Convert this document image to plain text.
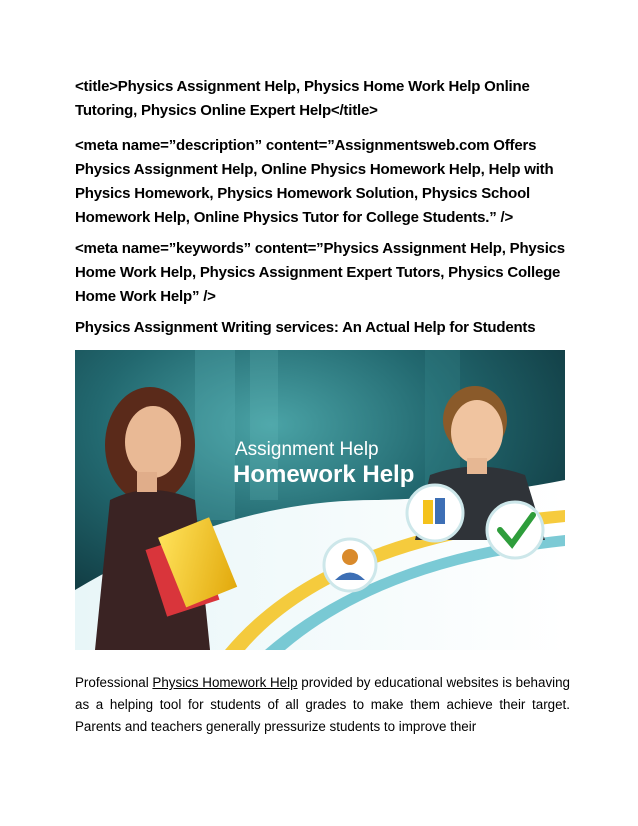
<title>Physics Assignment Help, Physics Home Work Help Online Tutoring, Physics Online Expert Help</title>
<meta name=”description” content=”Assignmentsweb.com Offers Physics Assignment Help, Online Physics Homework Help, Help with Physics Homework, Physics Homework Solution, Physics School Homework Help, Online Physics Tutor for College Students.” />
<meta name=”keywords” content=”Physics Assignment Help, Physics Home Work Help, Physics Assignment Expert Tutors, Physics College Home Work Help” />
Physics Assignment Writing services: An Actual Help for Students
Assignment Help
Homework Help
Professional Physics Homework Help provided by educational websites is behaving as a helping tool for students of all grades to make them achieve their target. Parents and teachers generally pressurize students to improve their
